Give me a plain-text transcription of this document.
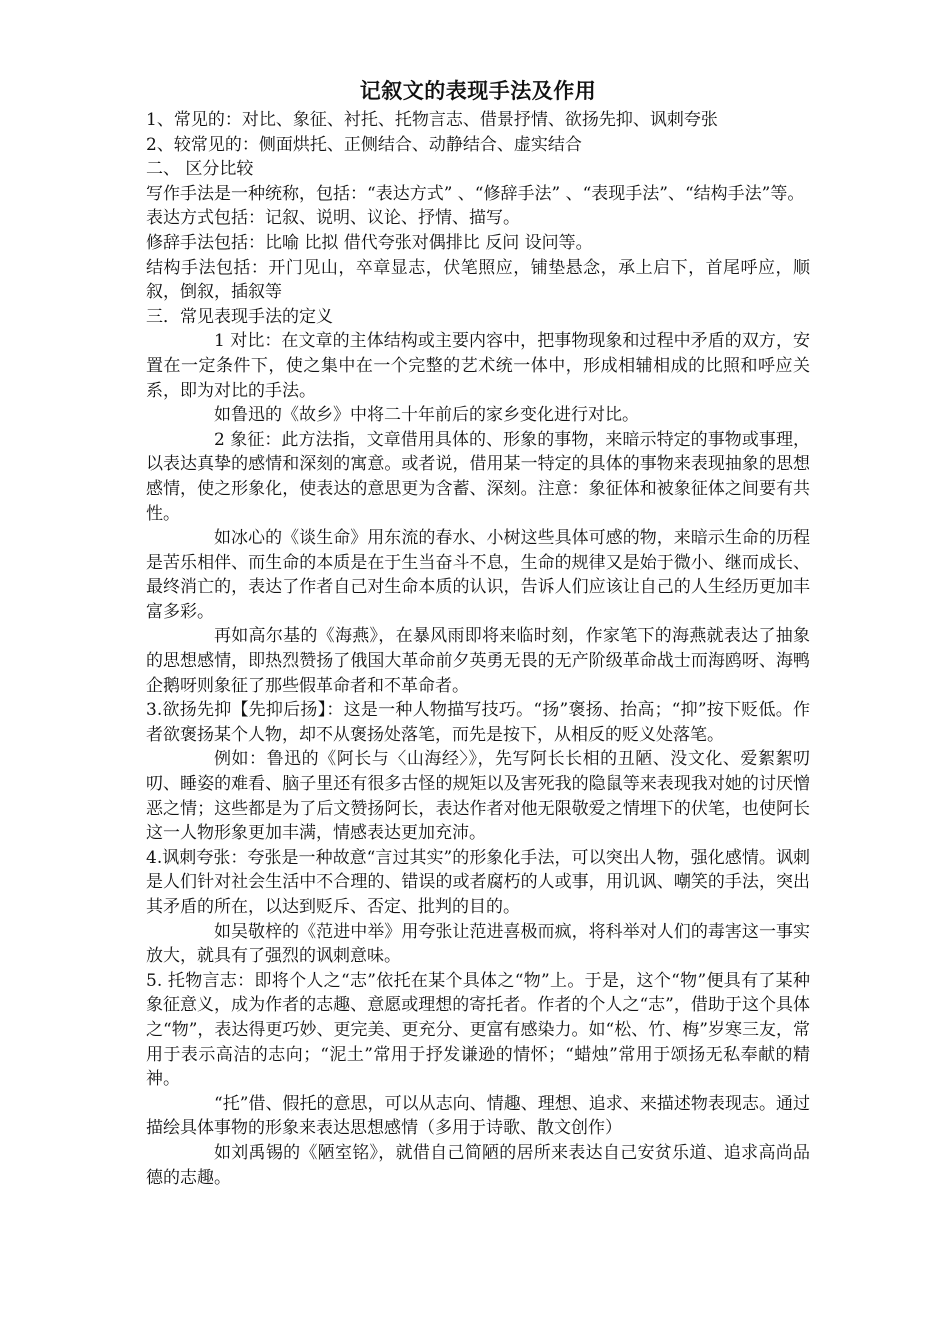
记叙文的表现手法及作用

1、常见的：对比、象征、衬托、托物言志、借景抒情、欲扬先抑、讽刺夸张

2、较常见的：侧面烘托、正侧结合、动静结合、虚实结合

二、 区分比较

写作手法是一种统称，包括：“表达方式” 、“修辞手法” 、“表现手法”、“结构手法”等。

表达方式包括：记叙、说明、议论、抒情、描写。

修辞手法包括：比喻 比拟 借代夸张对偶排比 反问 设问等。

结构手法包括：开门见山，卒章显志，伏笔照应，铺垫悬念，承上启下，首尾呼应，顺叙，倒叙，插叙等

三．常见表现手法的定义

1 对比：在文章的主体结构或主要内容中，把事物现象和过程中矛盾的双方，安置在一定条件下，使之集中在一个完整的艺术统一体中，形成相辅相成的比照和呼应关系，即为对比的手法。

如鲁迅的《故乡》中将二十年前后的家乡变化进行对比。

2 象征：此方法指，文章借用具体的、形象的事物，来暗示特定的事物或事理，以表达真挚的感情和深刻的寓意。或者说，借用某一特定的具体的事物来表现抽象的思想感情，使之形象化，使表达的意思更为含蓄、深刻。注意：象征体和被象征体之间要有共性。

如冰心的《谈生命》用东流的春水、小树这些具体可感的物，来暗示生命的历程是苦乐相伴、而生命的本质是在于生当奋斗不息，生命的规律又是始于微小、继而成长、最终消亡的，表达了作者自己对生命本质的认识，告诉人们应该让自己的人生经历更加丰富多彩。

再如高尔基的《海燕》，在暴风雨即将来临时刻，作家笔下的海燕就表达了抽象的思想感情，即热烈赞扬了俄国大革命前夕英勇无畏的无产阶级革命战士而海鸥呀、海鸭企鹅呀则象征了那些假革命者和不革命者。

3.欲扬先抑【先抑后扬】：这是一种人物描写技巧。“扬”褒扬、抬高；“抑”按下贬低。作者欲褒扬某个人物，却不从褒扬处落笔，而先是按下，从相反的贬义处落笔。

例如：鲁迅的《阿长与〈山海经〉》，先写阿长长相的丑陋、没文化、爱絮絮叨叨、睡姿的难看、脑子里还有很多古怪的规矩以及害死我的隐鼠等来表现我对她的讨厌憎恶之情；这些都是为了后文赞扬阿长，表达作者对他无限敬爱之情埋下的伏笔，也使阿长这一人物形象更加丰满，情感表达更加充沛。

4.讽刺夸张：夸张是一种故意“言过其实”的形象化手法，可以突出人物，强化感情。讽刺是人们针对社会生活中不合理的、错误的或者腐朽的人或事，用讥讽、嘲笑的手法，突出其矛盾的所在，以达到贬斥、否定、批判的目的。

如吴敬梓的《范进中举》用夸张让范进喜极而疯，将科举对人们的毒害这一事实放大，就具有了强烈的讽刺意味。

5. 托物言志：即将个人之“志”依托在某个具体之“物”上。于是，这个“物”便具有了某种象征意义，成为作者的志趣、意愿或理想的寄托者。作者的个人之“志”，借助于这个具体之“物”，表达得更巧妙、更完美、更充分、更富有感染力。如“松、竹、梅”岁寒三友，常用于表示高洁的志向；“泥土”常用于抒发谦逊的情怀；“蜡烛”常用于颂扬无私奉献的精神。

“托”借、假托的意思，可以从志向、情趣、理想、追求、来描述物表现志。通过描绘具体事物的形象来表达思想感情（多用于诗歌、散文创作）

如刘禹锡的《陋室铭》，就借自己简陋的居所来表达自己安贫乐道、追求高尚品德的志趣。
